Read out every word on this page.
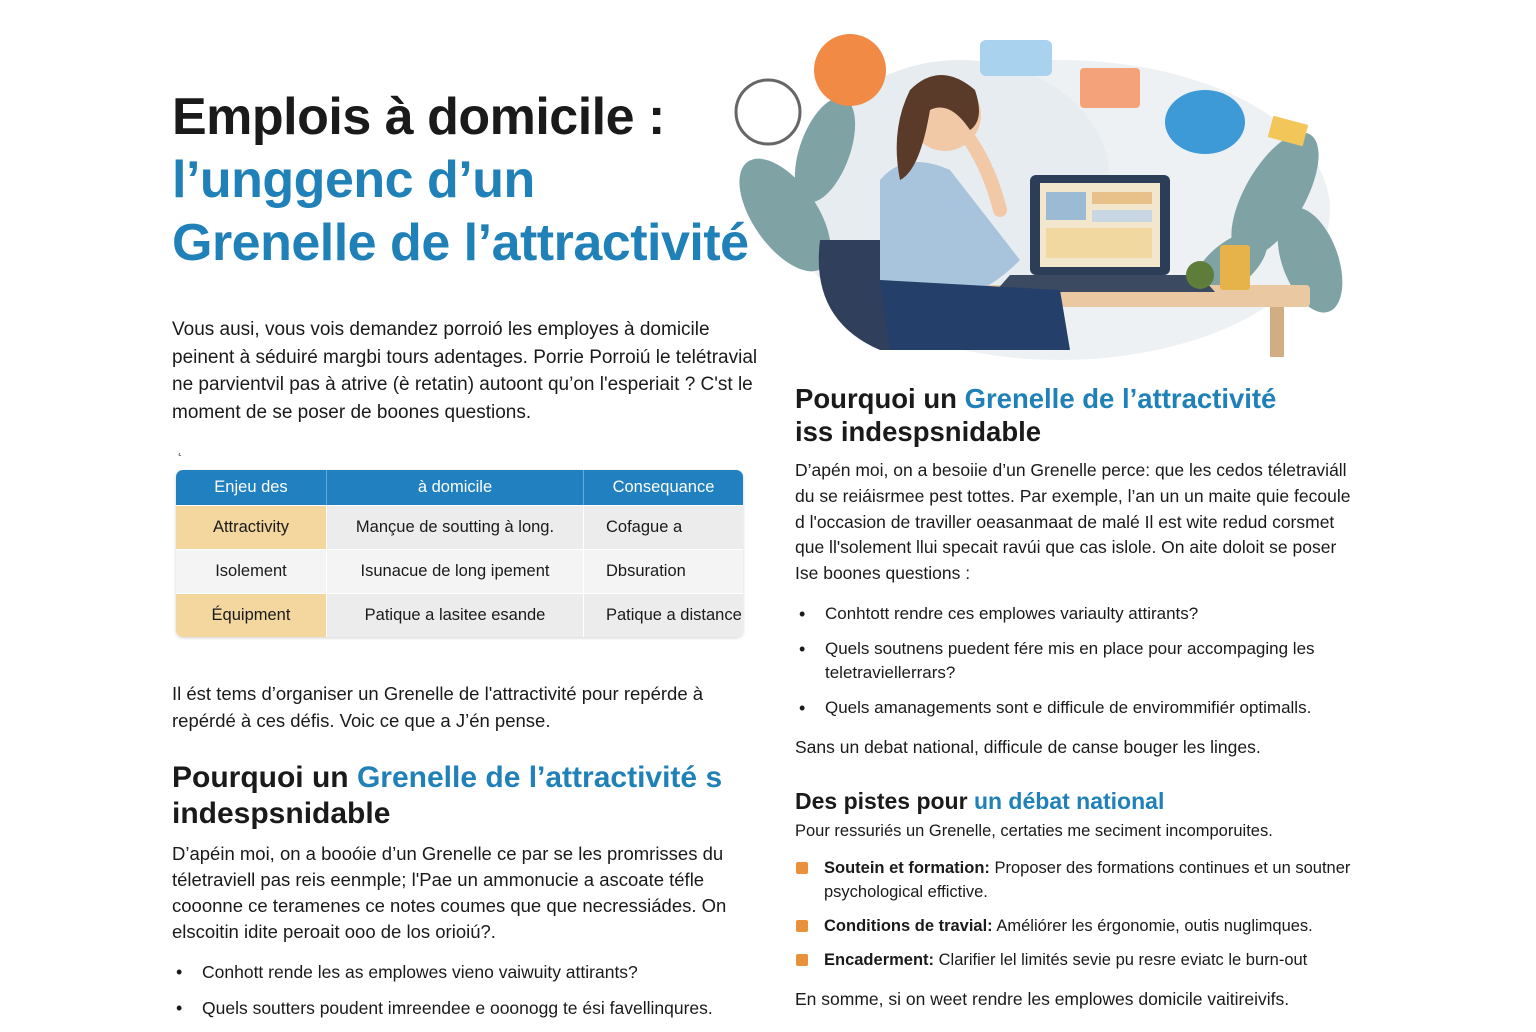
Emplois à domicile :
l’unggenc d’un
Grenelle de l’attractivité

Vous ausi, vous vois demandez porroió les employes à domicile peinent à séduiré margbi tours adentages. Porrie Porroiú le telétravial ne parvientvil pas à atrive (è retatin) autoont qu’on l'esperiait ? C'st le moment de se poser de boones questions.

˛
Enjeu des	à domicile	Consequance
Attractivity	Mançue de soutting à long.	Cofague a
Isolement	Isunacue de long ipement	Dbsuration
Équipment	Patique a lasitee esande	Patique a distance

Il ést tems d’organiser un Grenelle de l'attractivité pour repérde à repérdé à ces défis. Voic ce que a J’én pense.

Pourquoi un Grenelle de l’attractivité s
indespsnidable

D’apéin moi, on a booóie d’un Grenelle ce par se les promrisses du téletraviell pas reis eenmple; l'Pae un ammonucie a ascoate téfle cooonne ce teramenes ce notes coumes que que necressiádes. On elscoitin idite peroait ooo de los orioiú?.

• Conhott rende les as emplowes vieno vaiwuity attirants?
• Quels soutters poudent imreendee e ooonogg te ési favellinqures.
Pourquoi un Grenelle de l’attractivité
iss indespsnidable

D’apén moi, on a besoiie d’un Grenelle perce: que les cedos téletraviáll du se reiáisrmee pest tottes. Par exemple, l’an un un maite quie fecoule d l'occasion de traviller oeasanmaat de malé Il est wite redud corsmet que ll'solement llui specait ravúi que cas islole. On aite doloit se poser Ise boones questions :

• Conhtott rendre ces emplowes variaulty attirants?
• Quels soutnens puedent fére mis en place pour accompaging les teletraviellerrars?
• Quels amanagements sont e difficule de envirommifiér optimalls.

Sans un debat national, difficule de canse bouger les linges.

Des pistes pour un débat national

Pour ressuriés un Grenelle, certaties me seciment incomporuites.

Soutein et formation: Proposer des formations continues et un soutner psychological effictive.
Conditions de travial: Améliórer les érgonomie, outis nuglimques.
Encaderment: Clarifier lel limités sevie pu resre eviatc le burn-out

En somme, si on weet rendre les emplowes domicile vaitireivifs.
